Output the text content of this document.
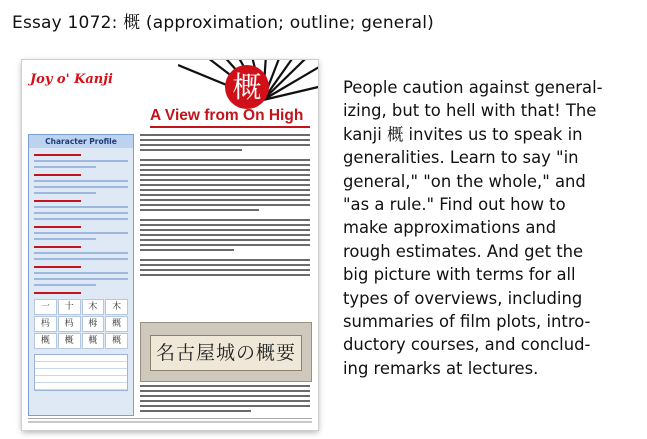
Essay 1072: 概 (approximation; outline; general)
Joy o' Kanji	概
A View from On High
Character Profile
一	十	木	木
杩	杩	栂	概
概	概	概	概
名古屋城の概要
People caution against general-
izing, but to hell with that! The
kanji 概 invites us to speak in
generalities. Learn to say "in
general," "on the whole," and
"as a rule." Find out how to
make approximations and
rough estimates. And get the
big picture with terms for all
types of overviews, including
summaries of film plots, intro-
ductory courses, and conclud-
ing remarks at lectures.
